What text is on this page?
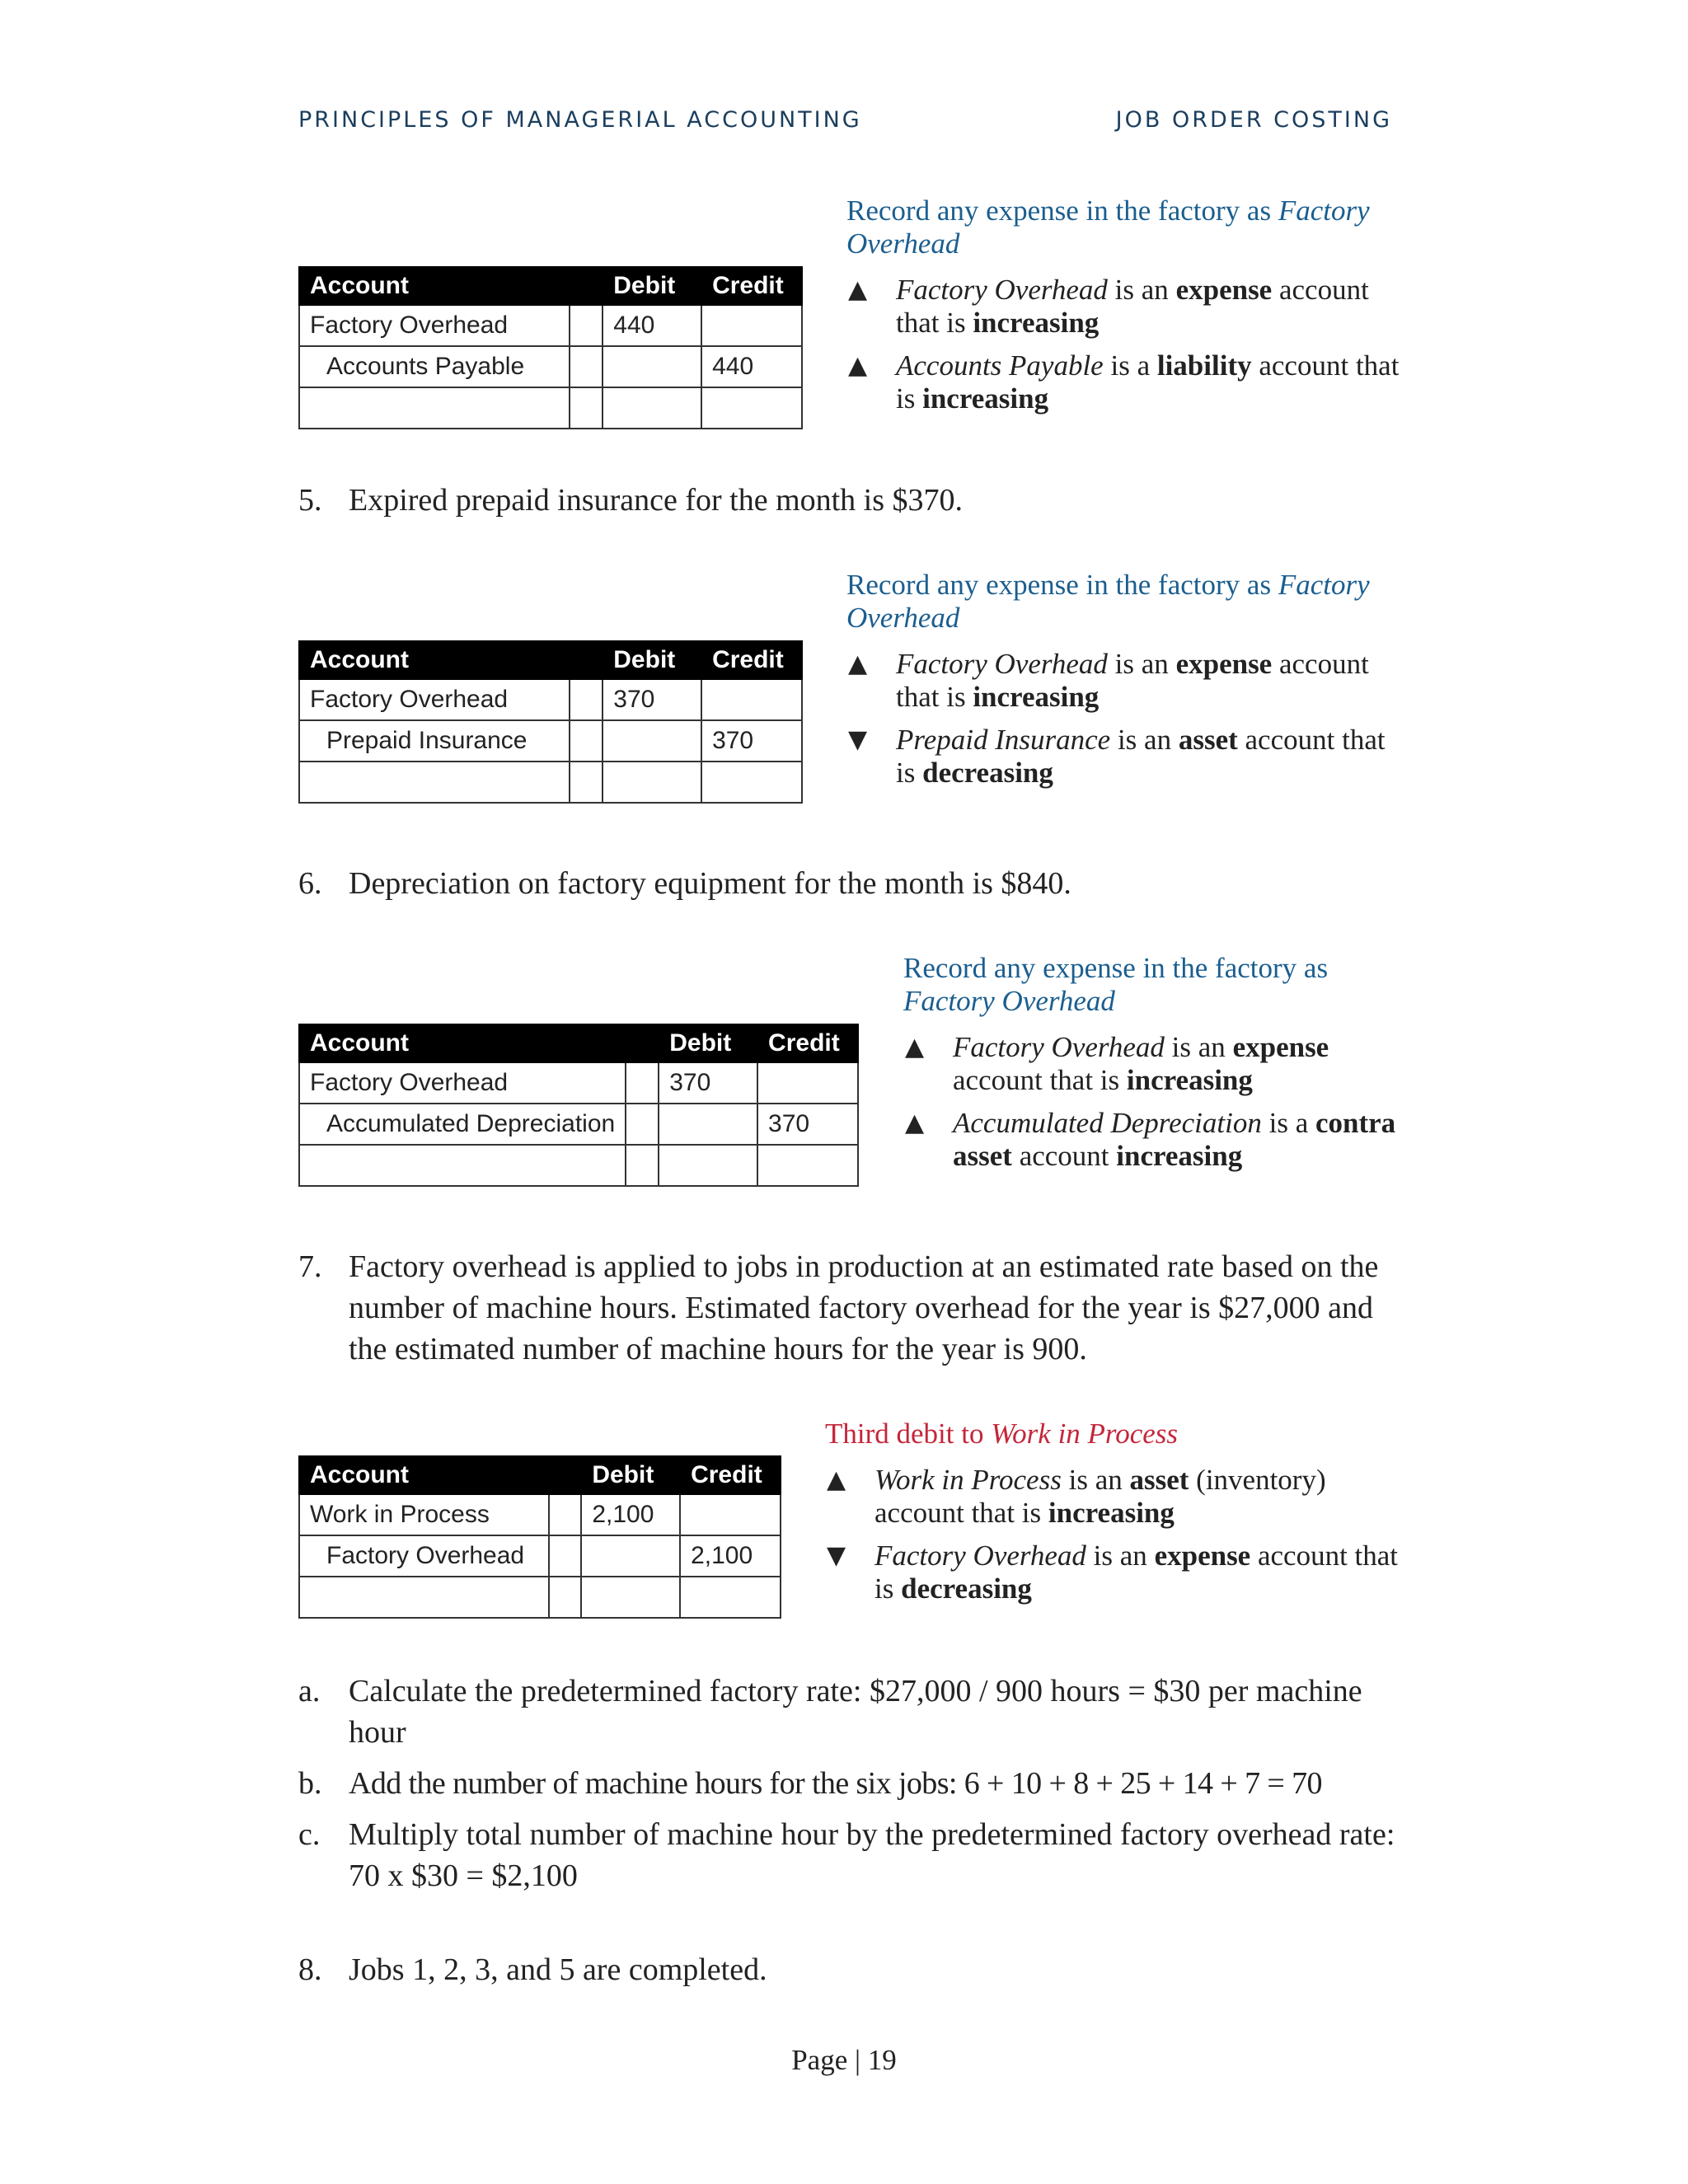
PRINCIPLES OF MANAGERIAL ACCOUNTING	JOB ORDER COSTING
Account		Debit	Credit
Factory Overhead		440	
Accounts Payable			440

Record any expense in the factory as Factory Overhead
▲ Factory Overhead is an expense account that is increasing
▲ Accounts Payable is a liability account that is increasing
5. Expired prepaid insurance for the month is $370.
Account		Debit	Credit
Factory Overhead		370	
Prepaid Insurance			370

Record any expense in the factory as Factory Overhead
▲ Factory Overhead is an expense account that is increasing
▼ Prepaid Insurance is an asset account that is decreasing
6. Depreciation on factory equipment for the month is $840.
Account		Debit	Credit
Factory Overhead		370	
Accumulated Depreciation			370

Record any expense in the factory as Factory Overhead
▲ Factory Overhead is an expense account that is increasing
▲ Accumulated Depreciation is a contra asset account increasing
7. Factory overhead is applied to jobs in production at an estimated rate based on the number of machine hours. Estimated factory overhead for the year is $27,000 and the estimated number of machine hours for the year is 900.
Account		Debit	Credit
Work in Process		2,100	
Factory Overhead			2,100

Third debit to Work in Process
▲ Work in Process is an asset (inventory) account that is increasing
▼ Factory Overhead is an expense account that is decreasing
a. Calculate the predetermined factory rate: $27,000 / 900 hours = $30 per machine hour
b. Add the number of machine hours for the six jobs: 6 + 10 + 8 + 25 + 14 + 7 = 70
c. Multiply total number of machine hour by the predetermined factory overhead rate: 70 x $30 = $2,100
8. Jobs 1, 2, 3, and 5 are completed.
Page | 19
